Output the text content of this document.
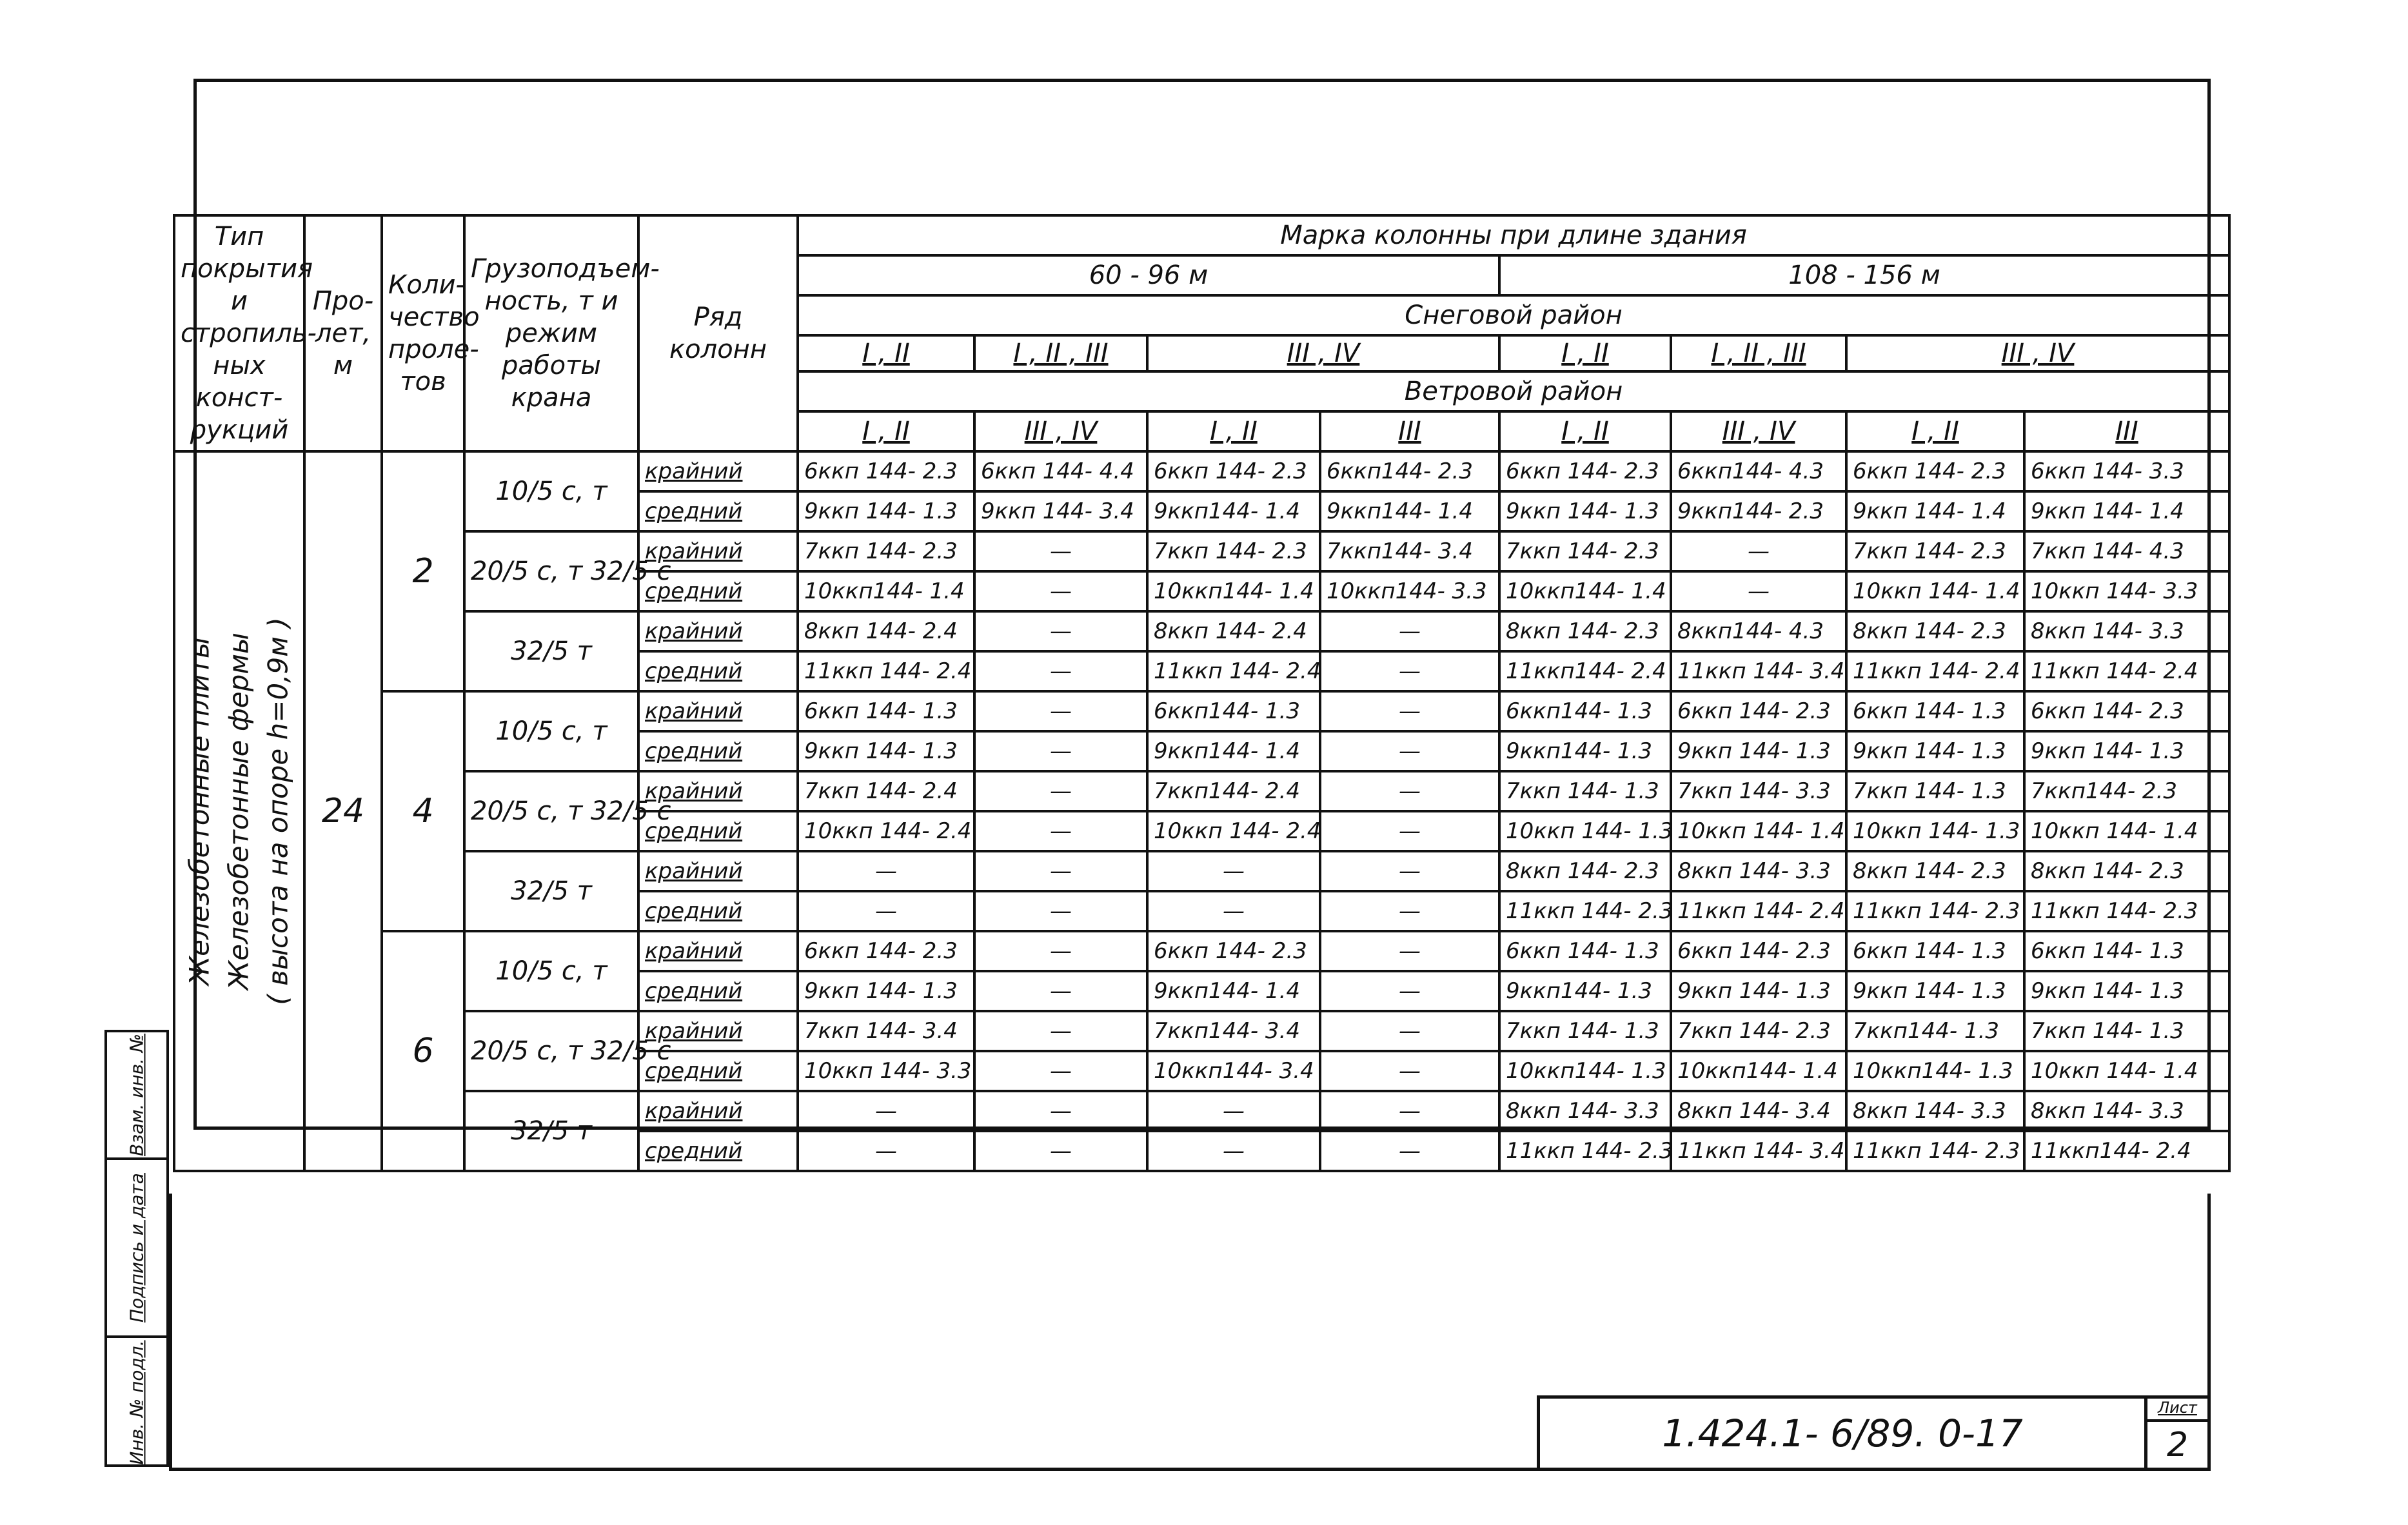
Тип покрытия и стропиль-ных конст-рукций	Про-лет, м	Коли-чество проле-тов	Грузоподъем-ность, т и режим работы крана	Ряд колонн	Марка колонны при длине здания							
					60 - 96 м				108 - 156 м			
					Снеговой район							
					I , II	I , II , III	III , IV		I , II	I , II , III	III , IV	
					Ветровой район							
					I , II	III , IV	I , II	III	I , II	III , IV	I , II	III

Железобетонные плиты Железобетонные фермы ( высота на опоре h=0,9м )	24	2	10/5 с, т	крайний	6ккп 144- 2.3	6ккп 144- 4.4	6ккп 144- 2.3	6ккп144- 2.3	6ккп 144- 2.3	6ккп144- 4.3	6ккп 144- 2.3	6ккп 144- 3.3
				средний	9ккп 144- 1.3	9ккп 144- 3.4	9ккп144- 1.4	9ккп144- 1.4	9ккп 144- 1.3	9ккп144- 2.3	9ккп 144- 1.4	9ккп 144- 1.4
			20/5 с, т 32/5 с	крайний	7ккп 144- 2.3	—	7ккп 144- 2.3	7ккп144- 3.4	7ккп 144- 2.3	—	7ккп 144- 2.3	7ккп 144- 4.3
				средний	10ккп144- 1.4	—	10ккп144- 1.4	10ккп144- 3.3	10ккп144- 1.4	—	10ккп 144- 1.4	10ккп 144- 3.3
			32/5 т	крайний	8ккп 144- 2.4	—	8ккп 144- 2.4	—	8ккп 144- 2.3	8ккп144- 4.3	8ккп 144- 2.3	8ккп 144- 3.3
				средний	11ккп 144- 2.4	—	11ккп 144- 2.4	—	11ккп144- 2.4	11ккп 144- 3.4	11ккп 144- 2.4	11ккп 144- 2.4
		4	10/5 с, т	крайний	6ккп 144- 1.3	—	6ккп144- 1.3	—	6ккп144- 1.3	6ккп 144- 2.3	6ккп 144- 1.3	6ккп 144- 2.3
				средний	9ккп 144- 1.3	—	9ккп144- 1.4	—	9ккп144- 1.3	9ккп 144- 1.3	9ккп 144- 1.3	9ккп 144- 1.3
			20/5 с, т 32/5 с	крайний	7ккп 144- 2.4	—	7ккп144- 2.4	—	7ккп 144- 1.3	7ккп 144- 3.3	7ккп 144- 1.3	7ккп144- 2.3
				средний	10ккп 144- 2.4	—	10ккп 144- 2.4	—	10ккп 144- 1.3	10ккп 144- 1.4	10ккп 144- 1.3	10ккп 144- 1.4
			32/5 т	крайний	—	—	—	—	8ккп 144- 2.3	8ккп 144- 3.3	8ккп 144- 2.3	8ккп 144- 2.3
				средний	—	—	—	—	11ккп 144- 2.3	11ккп 144- 2.4	11ккп 144- 2.3	11ккп 144- 2.3
		6	10/5 с, т	крайний	6ккп 144- 2.3	—	6ккп 144- 2.3	—	6ккп 144- 1.3	6ккп 144- 2.3	6ккп 144- 1.3	6ккп 144- 1.3
				средний	9ккп 144- 1.3	—	9ккп144- 1.4	—	9ккп144- 1.3	9ккп 144- 1.3	9ккп 144- 1.3	9ккп 144- 1.3
			20/5 с, т 32/5 с	крайний	7ккп 144- 3.4	—	7ккп144- 3.4	—	7ккп 144- 1.3	7ккп 144- 2.3	7ккп144- 1.3	7ккп 144- 1.3
				средний	10ккп 144- 3.3	—	10ккп144- 3.4	—	10ккп144- 1.3	10ккп144- 1.4	10ккп144- 1.3	10ккп 144- 1.4
			32/5 т	крайний	—	—	—	—	8ккп 144- 3.3	8ккп 144- 3.4	8ккп 144- 3.3	8ккп 144- 3.3
				средний	—	—	—	—	11ккп 144- 2.3	11ккп 144- 3.4	11ккп 144- 2.3	11ккп144- 2.4
Взам. инв. №
Подпись и дата
Инв. № подл.	1.424.1- 6/89. 0-17
Лист
2
